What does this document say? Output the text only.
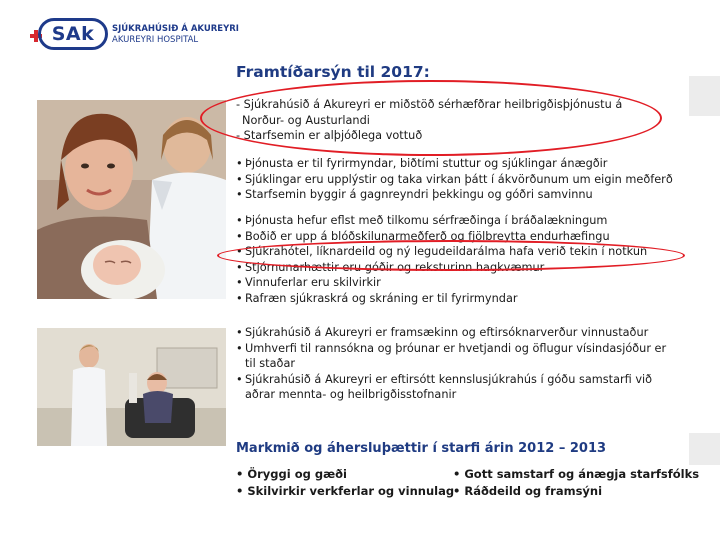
SAk	SJÚKRAHÚSIÐ Á AKUREYRI
AKUREYRI HOSPITAL
Framtíðarsýn til 2017:
- Sjúkrahúsið á Akureyri er miðstöð sérhæfðrar heilbrigðisþjónustu á
Norður- og Austurlandi
- Starfsemin er alþjóðlega vottuð
• Þjónusta er til fyrirmyndar, biðtími stuttur og sjúklingar ánægðir
• Sjúklingar eru upplýstir og taka virkan þátt í ákvörðunum um eigin meðferð
• Starfsemin byggir á gagnreyndri þekkingu og góðri samvinnu
• Þjónusta hefur eflst með tilkomu sérfræðinga í bráðalækningum
• Boðið er upp á blóðskilunarmeðferð og fjölbreytta endurhæfingu
• Sjúkrahótel, líknardeild og ný legudeildarálma hafa verið tekin í notkun
• Stjórnunarhættir eru góðir og reksturinn hagkvæmur
• Vinnuferlar eru skilvirkir
• Rafræn sjúkraskrá og skráning er til fyrirmyndar
• Sjúkrahúsið á Akureyri er framsækinn og eftirsóknarverður vinnustaður
• Umhverfi til rannsókna og þróunar er hvetjandi og öflugur vísindasjóður er
til staðar
• Sjúkrahúsið á Akureyri er eftirsótt kennslusjúkrahús í góðu samstarfi við
aðrar mennta- og heilbrigðisstofnanir
Markmið og áhersluþættir í starfi árin 2012 – 2013
• Öryggi og gæði
• Skilvirkir verkferlar og vinnulag
• Gott samstarf og ánægja starfsfólks
• Ráðdeild og framsýni
